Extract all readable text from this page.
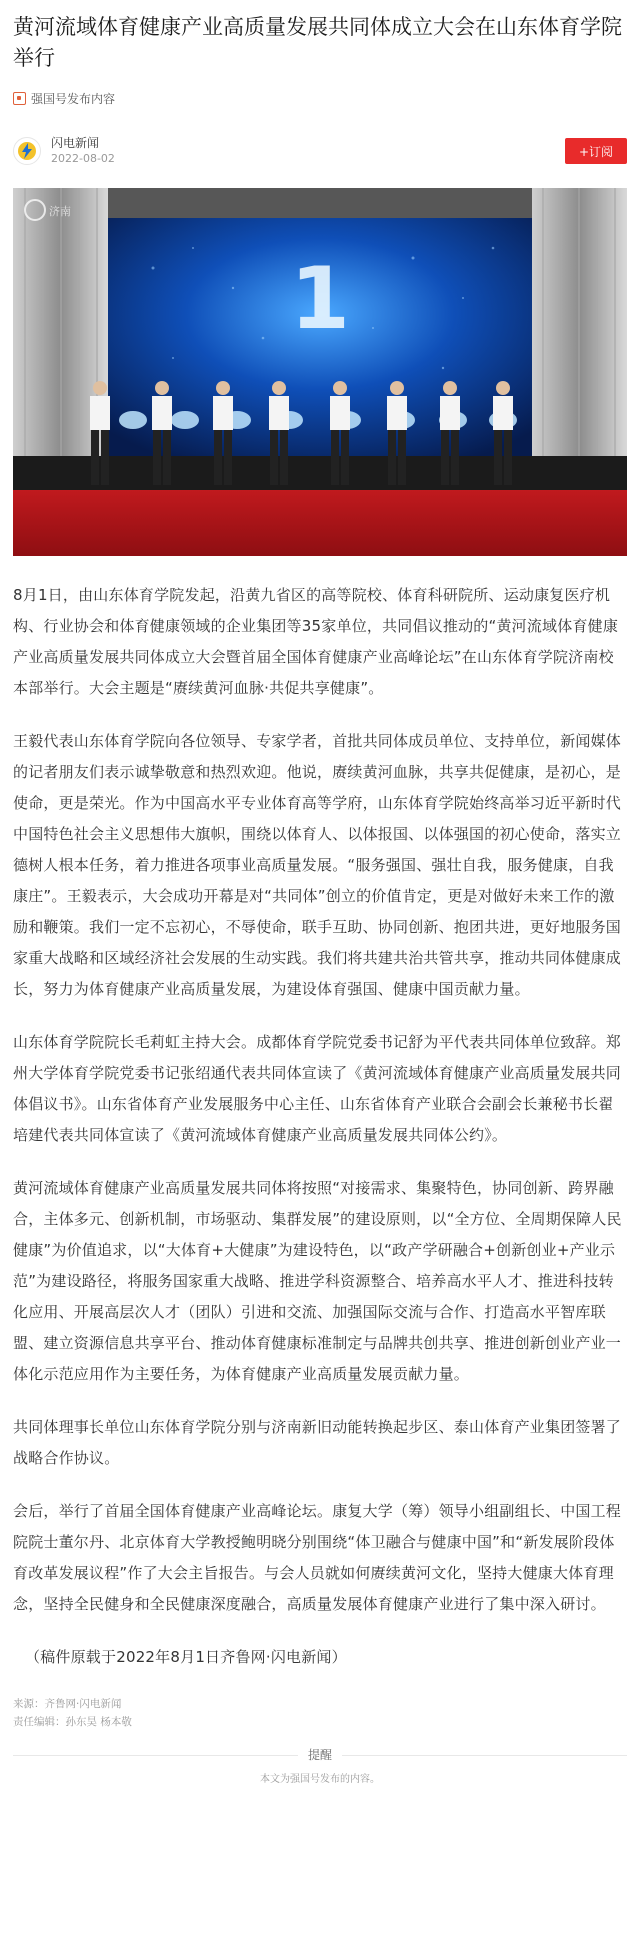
黄河流域体育健康产业高质量发展共同体成立大会在山东体育学院举行
强国号发布内容
闪电新闻
2022-08-02	+订阅
1
济南

8月1日，由山东体育学院发起，沿黄九省区的高等院校、体育科研院所、运动康复医疗机构、行业协会和体育健康领域的企业集团等35家单位，共同倡议推动的“黄河流域体育健康产业高质量发展共同体成立大会暨首届全国体育健康产业高峰论坛”在山东体育学院济南校本部举行。大会主题是“赓续黄河血脉·共促共享健康”。

王毅代表山东体育学院向各位领导、专家学者，首批共同体成员单位、支持单位，新闻媒体的记者朋友们表示诚挚敬意和热烈欢迎。他说，赓续黄河血脉，共享共促健康，是初心，是使命，更是荣光。作为中国高水平专业体育高等学府，山东体育学院始终高举习近平新时代中国特色社会主义思想伟大旗帜，围绕以体育人、以体报国、以体强国的初心使命，落实立德树人根本任务，着力推进各项事业高质量发展。“服务强国、强壮自我，服务健康，自我康庄”。王毅表示，大会成功开幕是对“共同体”创立的价值肯定，更是对做好未来工作的激励和鞭策。我们一定不忘初心，不辱使命，联手互助、协同创新、抱团共进，更好地服务国家重大战略和区域经济社会发展的生动实践。我们将共建共治共管共享，推动共同体健康成长，努力为体育健康产业高质量发展，为建设体育强国、健康中国贡献力量。

山东体育学院院长毛莉虹主持大会。成都体育学院党委书记舒为平代表共同体单位致辞。郑州大学体育学院党委书记张绍通代表共同体宣读了《黄河流域体育健康产业高质量发展共同体倡议书》。山东省体育产业发展服务中心主任、山东省体育产业联合会副会长兼秘书长翟培建代表共同体宣读了《黄河流域体育健康产业高质量发展共同体公约》。

黄河流域体育健康产业高质量发展共同体将按照“对接需求、集聚特色，协同创新、跨界融合，主体多元、创新机制，市场驱动、集群发展”的建设原则，以“全方位、全周期保障人民健康”为价值追求，以“大体育+大健康”为建设特色，以“政产学研融合+创新创业+产业示范”为建设路径，将服务国家重大战略、推进学科资源整合、培养高水平人才、推进科技转化应用、开展高层次人才（团队）引进和交流、加强国际交流与合作、打造高水平智库联盟、建立资源信息共享平台、推动体育健康标准制定与品牌共创共享、推进创新创业产业一体化示范应用作为主要任务，为体育健康产业高质量发展贡献力量。

共同体理事长单位山东体育学院分别与济南新旧动能转换起步区、泰山体育产业集团签署了战略合作协议。

会后，举行了首届全国体育健康产业高峰论坛。康复大学（筹）领导小组副组长、中国工程院院士董尔丹、北京体育大学教授鲍明晓分别围绕“体卫融合与健康中国”和“新发展阶段体育改革发展议程”作了大会主旨报告。与会人员就如何赓续黄河文化，坚持大健康大体育理念，坚持全民健身和全民健康深度融合，高质量发展体育健康产业进行了集中深入研讨。

（稿件原载于2022年8月1日齐鲁网·闪电新闻）

来源：齐鲁网·闪电新闻
责任编辑：孙东昊 杨本敬
提醒
本文为强国号发布的内容。
